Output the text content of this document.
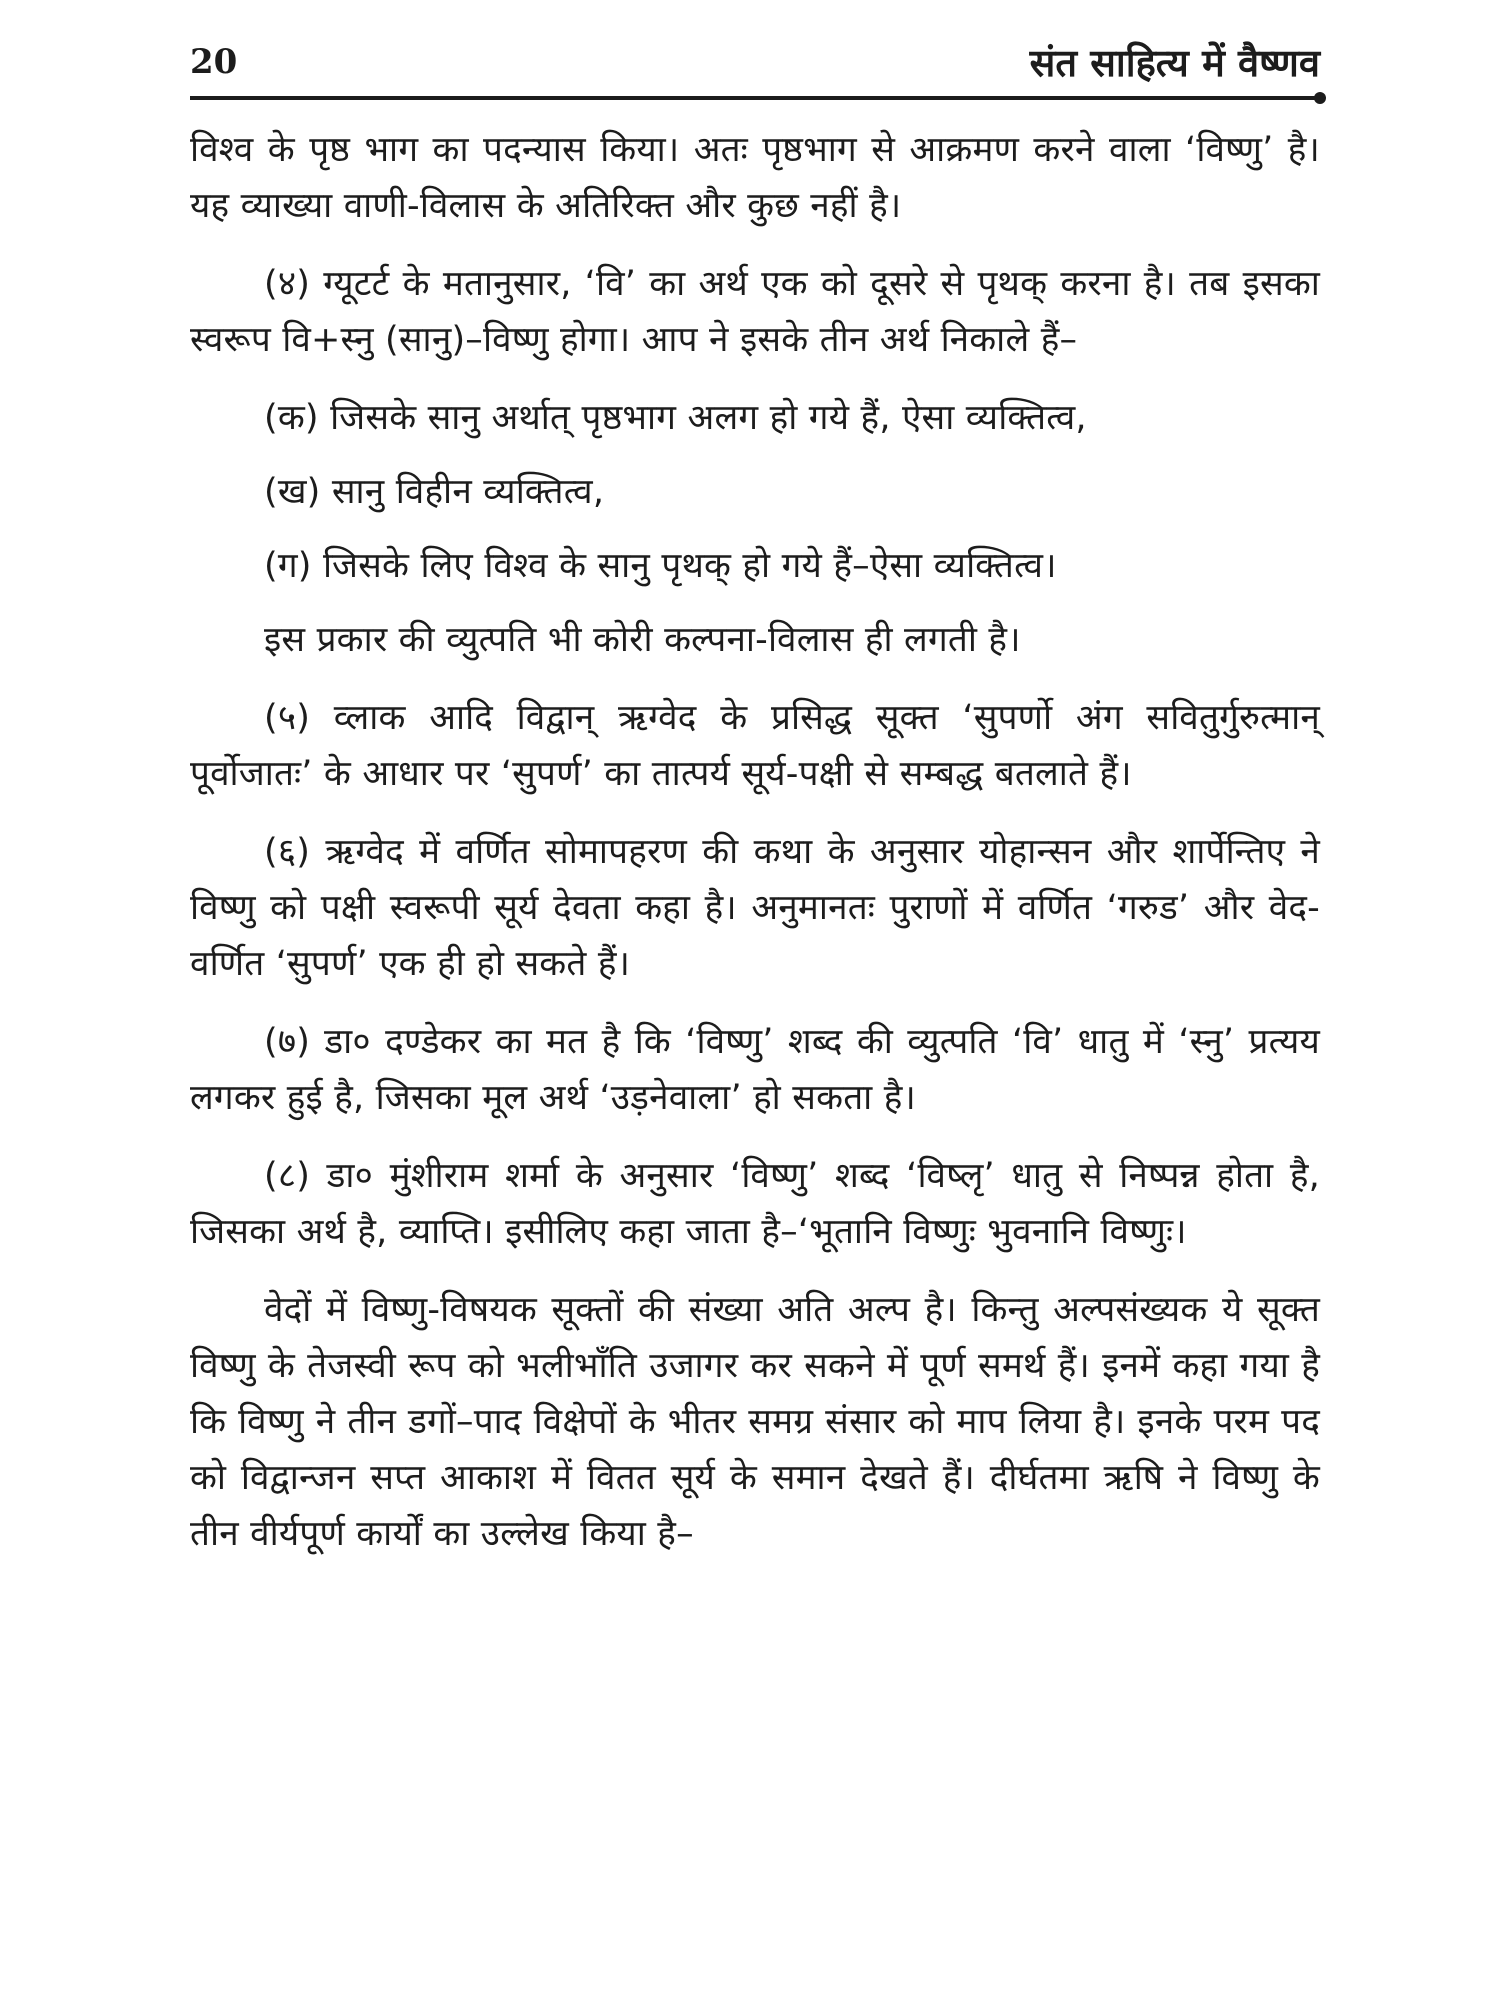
20	संत साहित्य में वैष्णव

विश्व के पृष्ठ भाग का पदन्यास किया। अतः पृष्ठभाग से आक्रमण करने वाला ‘विष्णु’ है। यह व्याख्या वाणी-विलास के अतिरिक्त और कुछ नहीं है।

(४) ग्यूटर्ट के मतानुसार, ‘वि’ का अर्थ एक को दूसरे से पृथक् करना है। तब इसका स्वरूप वि+स्नु (सानु)–विष्णु होगा। आप ने इसके तीन अर्थ निकाले हैं–

(क) जिसके सानु अर्थात् पृष्ठभाग अलग हो गये हैं, ऐसा व्यक्तित्व,

(ख) सानु विहीन व्यक्तित्व,

(ग) जिसके लिए विश्व के सानु पृथक् हो गये हैं–ऐसा व्यक्तित्व।

इस प्रकार की व्युत्पति भी कोरी कल्पना-विलास ही लगती है।

(५) व्लाक आदि विद्वान् ऋग्वेद के प्रसिद्ध सूक्त ‘सुपर्णो अंग सवितुर्गुरुत्मान् पूर्वोजातः’ के आधार पर ‘सुपर्ण’ का तात्पर्य सूर्य-पक्षी से सम्बद्ध बतलाते हैं।

(६) ऋग्वेद में वर्णित सोमापहरण की कथा के अनुसार योहान्सन और शार्पेन्तिए ने विष्णु को पक्षी स्वरूपी सूर्य देवता कहा है। अनुमानतः पुराणों में वर्णित ‘गरुड’ और वेद-वर्णित ‘सुपर्ण’ एक ही हो सकते हैं।

(७) डा० दण्डेकर का मत है कि ‘विष्णु’ शब्द की व्युत्पति ‘वि’ धातु में ‘स्नु’ प्रत्यय लगकर हुई है, जिसका मूल अर्थ ‘उड़नेवाला’ हो सकता है।

(८) डा० मुंशीराम शर्मा के अनुसार ‘विष्णु’ शब्द ‘विष्लृ’ धातु से निष्पन्न होता है, जिसका अर्थ है, व्याप्ति। इसीलिए कहा जाता है–‘भूतानि विष्णुः भुवनानि विष्णुः।

वेदों में विष्णु-विषयक सूक्तों की संख्या अति अल्प है। किन्तु अल्पसंख्यक ये सूक्त विष्णु के तेजस्वी रूप को भलीभाँति उजागर कर सकने में पूर्ण समर्थ हैं। इनमें कहा गया है कि विष्णु ने तीन डगों–पाद विक्षेपों के भीतर समग्र संसार को माप लिया है। इनके परम पद को विद्वान्जन सप्त आकाश में वितत सूर्य के समान देखते हैं। दीर्घतमा ऋषि ने विष्णु के तीन वीर्यपूर्ण कार्यों का उल्लेख किया है–
